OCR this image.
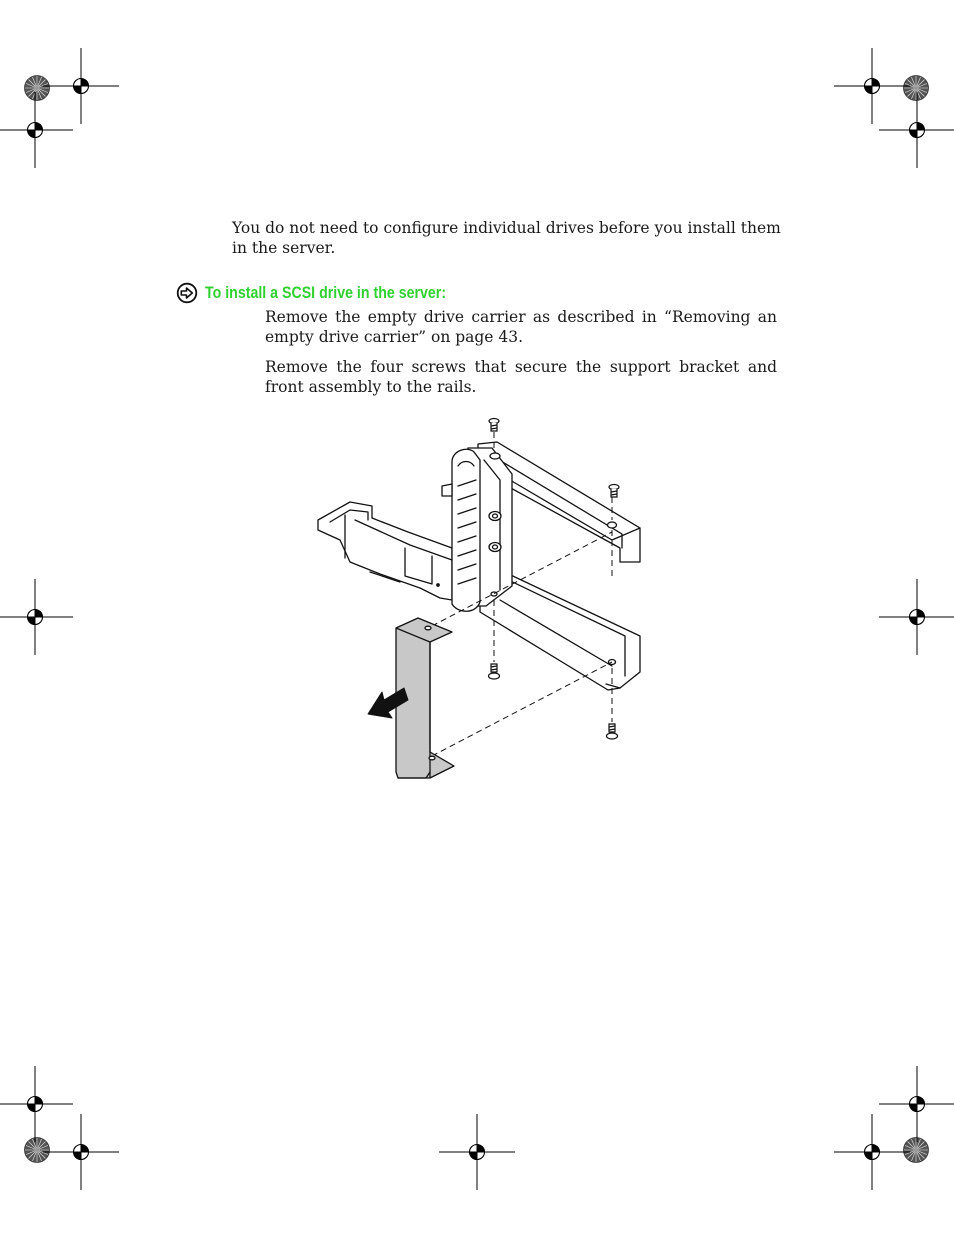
You do not need to configure individual drives before you install them in the server.

To install a SCSI drive in the server:

Remove the empty drive carrier as described in “Removing an empty drive carrier” on page 43.

Remove the four screws that secure the support bracket and front assembly to the rails.
